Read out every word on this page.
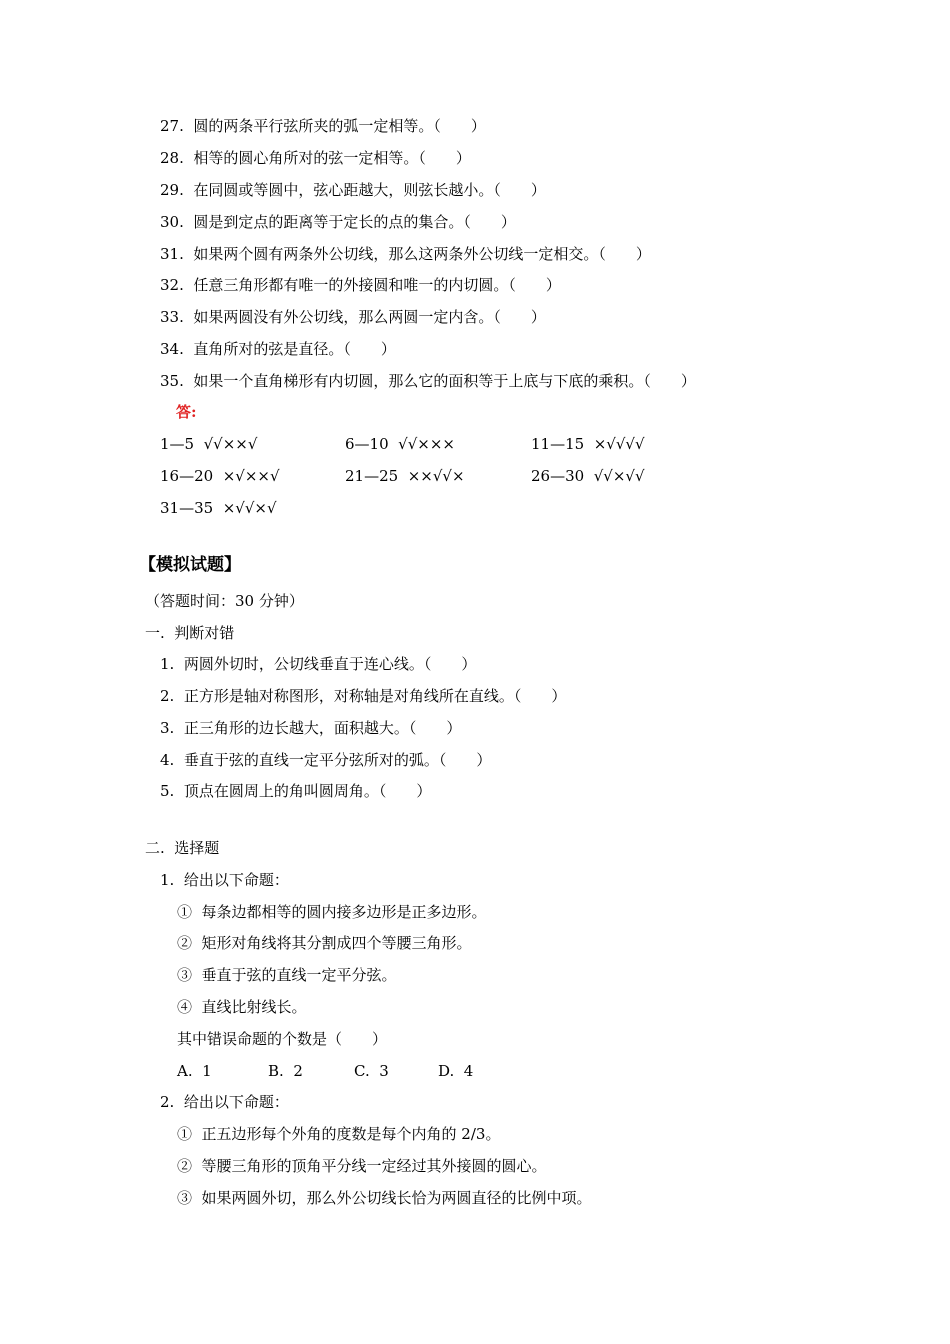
27.  圆的两条平行弦所夹的弧一定相等。（　　）
28.  相等的圆心角所对的弦一定相等。（　　）
29.  在同圆或等圆中，弦心距越大，则弦长越小。（　　）
30.  圆是到定点的距离等于定长的点的集合。（　　）
31.  如果两个圆有两条外公切线，那么这两条外公切线一定相交。（　　）
32.  任意三角形都有唯一的外接圆和唯一的内切圆。（　　）
33.  如果两圆没有外公切线，那么两圆一定内含。（　　）
34.  直角所对的弦是直径。（　　）
35.  如果一个直角梯形有内切圆，那么它的面积等于上底与下底的乘积。（　　）
答:
1—5  √√××√	6—10  √√×××	11—15  ×√√√√
16—20  ×√××√	21—25  ××√√×	26—30  √√×√√
31—35  ×√√×√
【模拟试题】
（答题时间：30 分钟）
一.  判断对错
1.  两圆外切时，公切线垂直于连心线。（　　）
2.  正方形是轴对称图形，对称轴是对角线所在直线。（　　）
3.  正三角形的边长越大，面积越大。（　　）
4.  垂直于弦的直线一定平分弦所对的弧。（　　）
5.  顶点在圆周上的角叫圆周角。（　　）
二.  选择题
1.  给出以下命题：
①  每条边都相等的圆内接多边形是正多边形。
②  矩形对角线将其分割成四个等腰三角形。
③  垂直于弦的直线一定平分弦。
④  直线比射线长。
其中错误命题的个数是（　　）
A.  1	B.  2	C.  3	D.  4
2.  给出以下命题：
①  正五边形每个外角的度数是每个内角的 2/3。
②  等腰三角形的顶角平分线一定经过其外接圆的圆心。
③  如果两圆外切，那么外公切线长恰为两圆直径的比例中项。
